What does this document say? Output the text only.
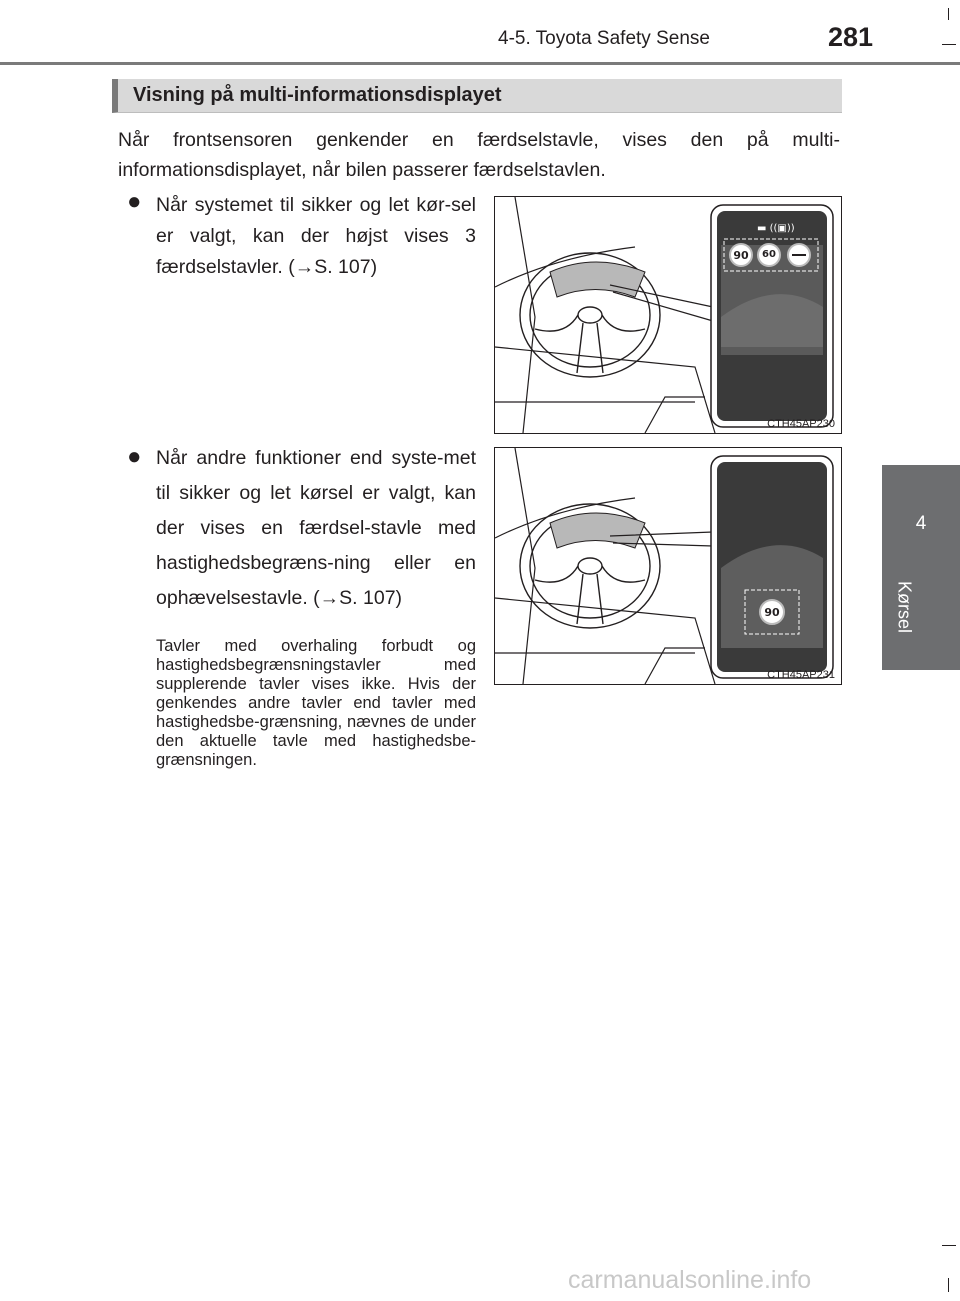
4-5. Toyota Safety Sense	281
4
Kørsel
Visning på multi-informationsdisplayet
Når frontsensoren genkender en færdselstavle, vises den på multi-informationsdisplayet, når bilen passerer færdselstavlen.
● Når systemet til sikker og let kør-sel er valgt, kan der højst vises 3 færdselstavler. (→S. 107)
● Når andre funktioner end syste-met til sikker og let kørsel er valgt, kan der vises en færdsel-stavle med hastighedsbegræns-ning eller en ophævelsestavle. (→S. 107)
Tavler med overhaling forbudt og hastighedsbegrænsningstavler med supplerende tavler vises ikke. Hvis der genkendes andre tavler end tavler med hastighedsbe-grænsning, nævnes de under den aktuelle tavle med hastighedsbe-grænsningen.
▬ ((▣))
90 60
CTH45AP230
90
CTH45AP231
carmanualsonline.info
